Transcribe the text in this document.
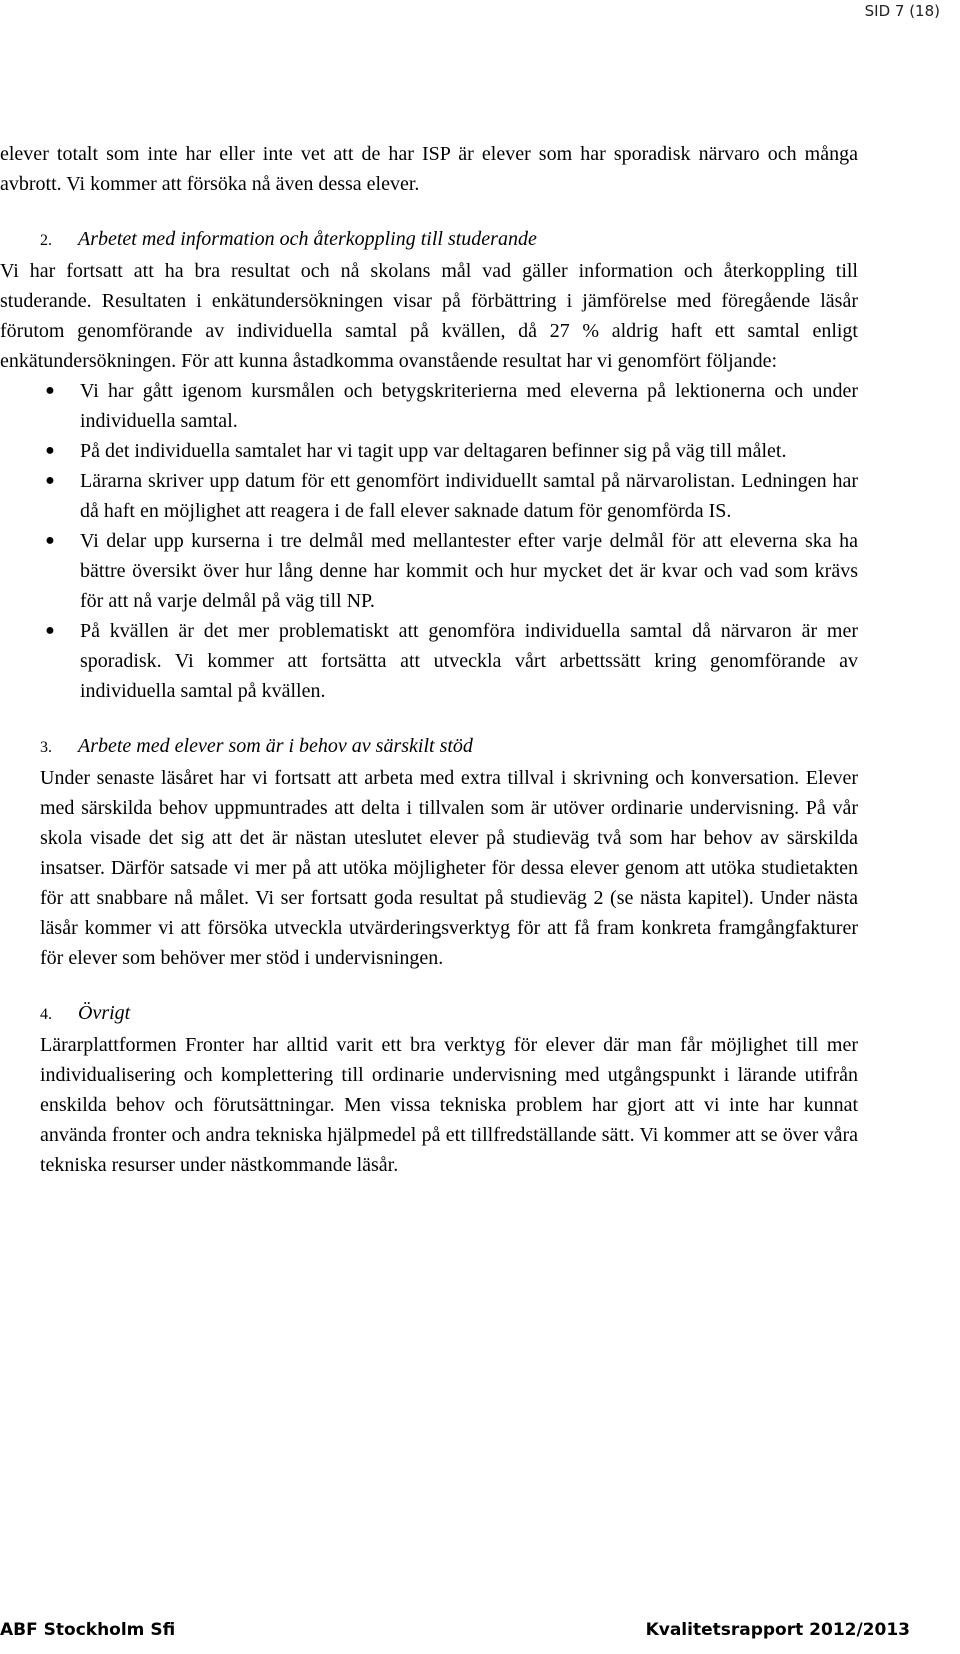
SID 7 (18)

elever totalt som inte har eller inte vet att de har ISP är elever som har sporadisk närvaro och många avbrott. Vi kommer att försöka nå även dessa elever.

2. Arbetet med information och återkoppling till studerande

Vi har fortsatt att ha bra resultat och nå skolans mål vad gäller information och återkoppling till studerande. Resultaten i enkätundersökningen visar på förbättring i jämförelse med föregående läsår förutom genomförande av individuella samtal på kvällen, då 27 % aldrig haft ett samtal enligt enkätundersökningen. För att kunna åstadkomma ovanstående resultat har vi genomfört följande:

● Vi har gått igenom kursmålen och betygskriterierna med eleverna på lektionerna och under individuella samtal.
● På det individuella samtalet har vi tagit upp var deltagaren befinner sig på väg till målet.
● Lärarna skriver upp datum för ett genomfört individuellt samtal på närvarolistan. Ledningen har då haft en möjlighet att reagera i de fall elever saknade datum för genomförda IS.
● Vi delar upp kurserna i tre delmål med mellantester efter varje delmål för att eleverna ska ha bättre översikt över hur lång denne har kommit och hur mycket det är kvar och vad som krävs för att nå varje delmål på väg till NP.
● På kvällen är det mer problematiskt att genomföra individuella samtal då närvaron är mer sporadisk. Vi kommer att fortsätta att utveckla vårt arbettssätt kring genomförande av individuella samtal på kvällen.
3. Arbete med elever som är i behov av särskilt stöd

Under senaste läsåret har vi fortsatt att arbeta med extra tillval i skrivning och konversation. Elever med särskilda behov uppmuntrades att delta i tillvalen som är utöver ordinarie undervisning. På vår skola visade det sig att det är nästan uteslutet elever på studieväg två som har behov av särskilda insatser. Därför satsade vi mer på att utöka möjligheter för dessa elever genom att utöka studietakten för att snabbare nå målet. Vi ser fortsatt goda resultat på studieväg 2 (se nästa kapitel). Under nästa läsår kommer vi att försöka utveckla utvärderingsverktyg för att få fram konkreta framgångfakturer för elever som behöver mer stöd i undervisningen.

4. Övrigt

Lärarplattformen Fronter har alltid varit ett bra verktyg för elever där man får möjlighet till mer individualisering och komplettering till ordinarie undervisning med utgångspunkt i lärande utifrån enskilda behov och förutsättningar. Men vissa tekniska problem har gjort att vi inte har kunnat använda fronter och andra tekniska hjälpmedel på ett tillfredställande sätt. Vi kommer att se över våra tekniska resurser under nästkommande läsår.

ABF Stockholm Sfi	Kvalitetsrapport 2012/2013
